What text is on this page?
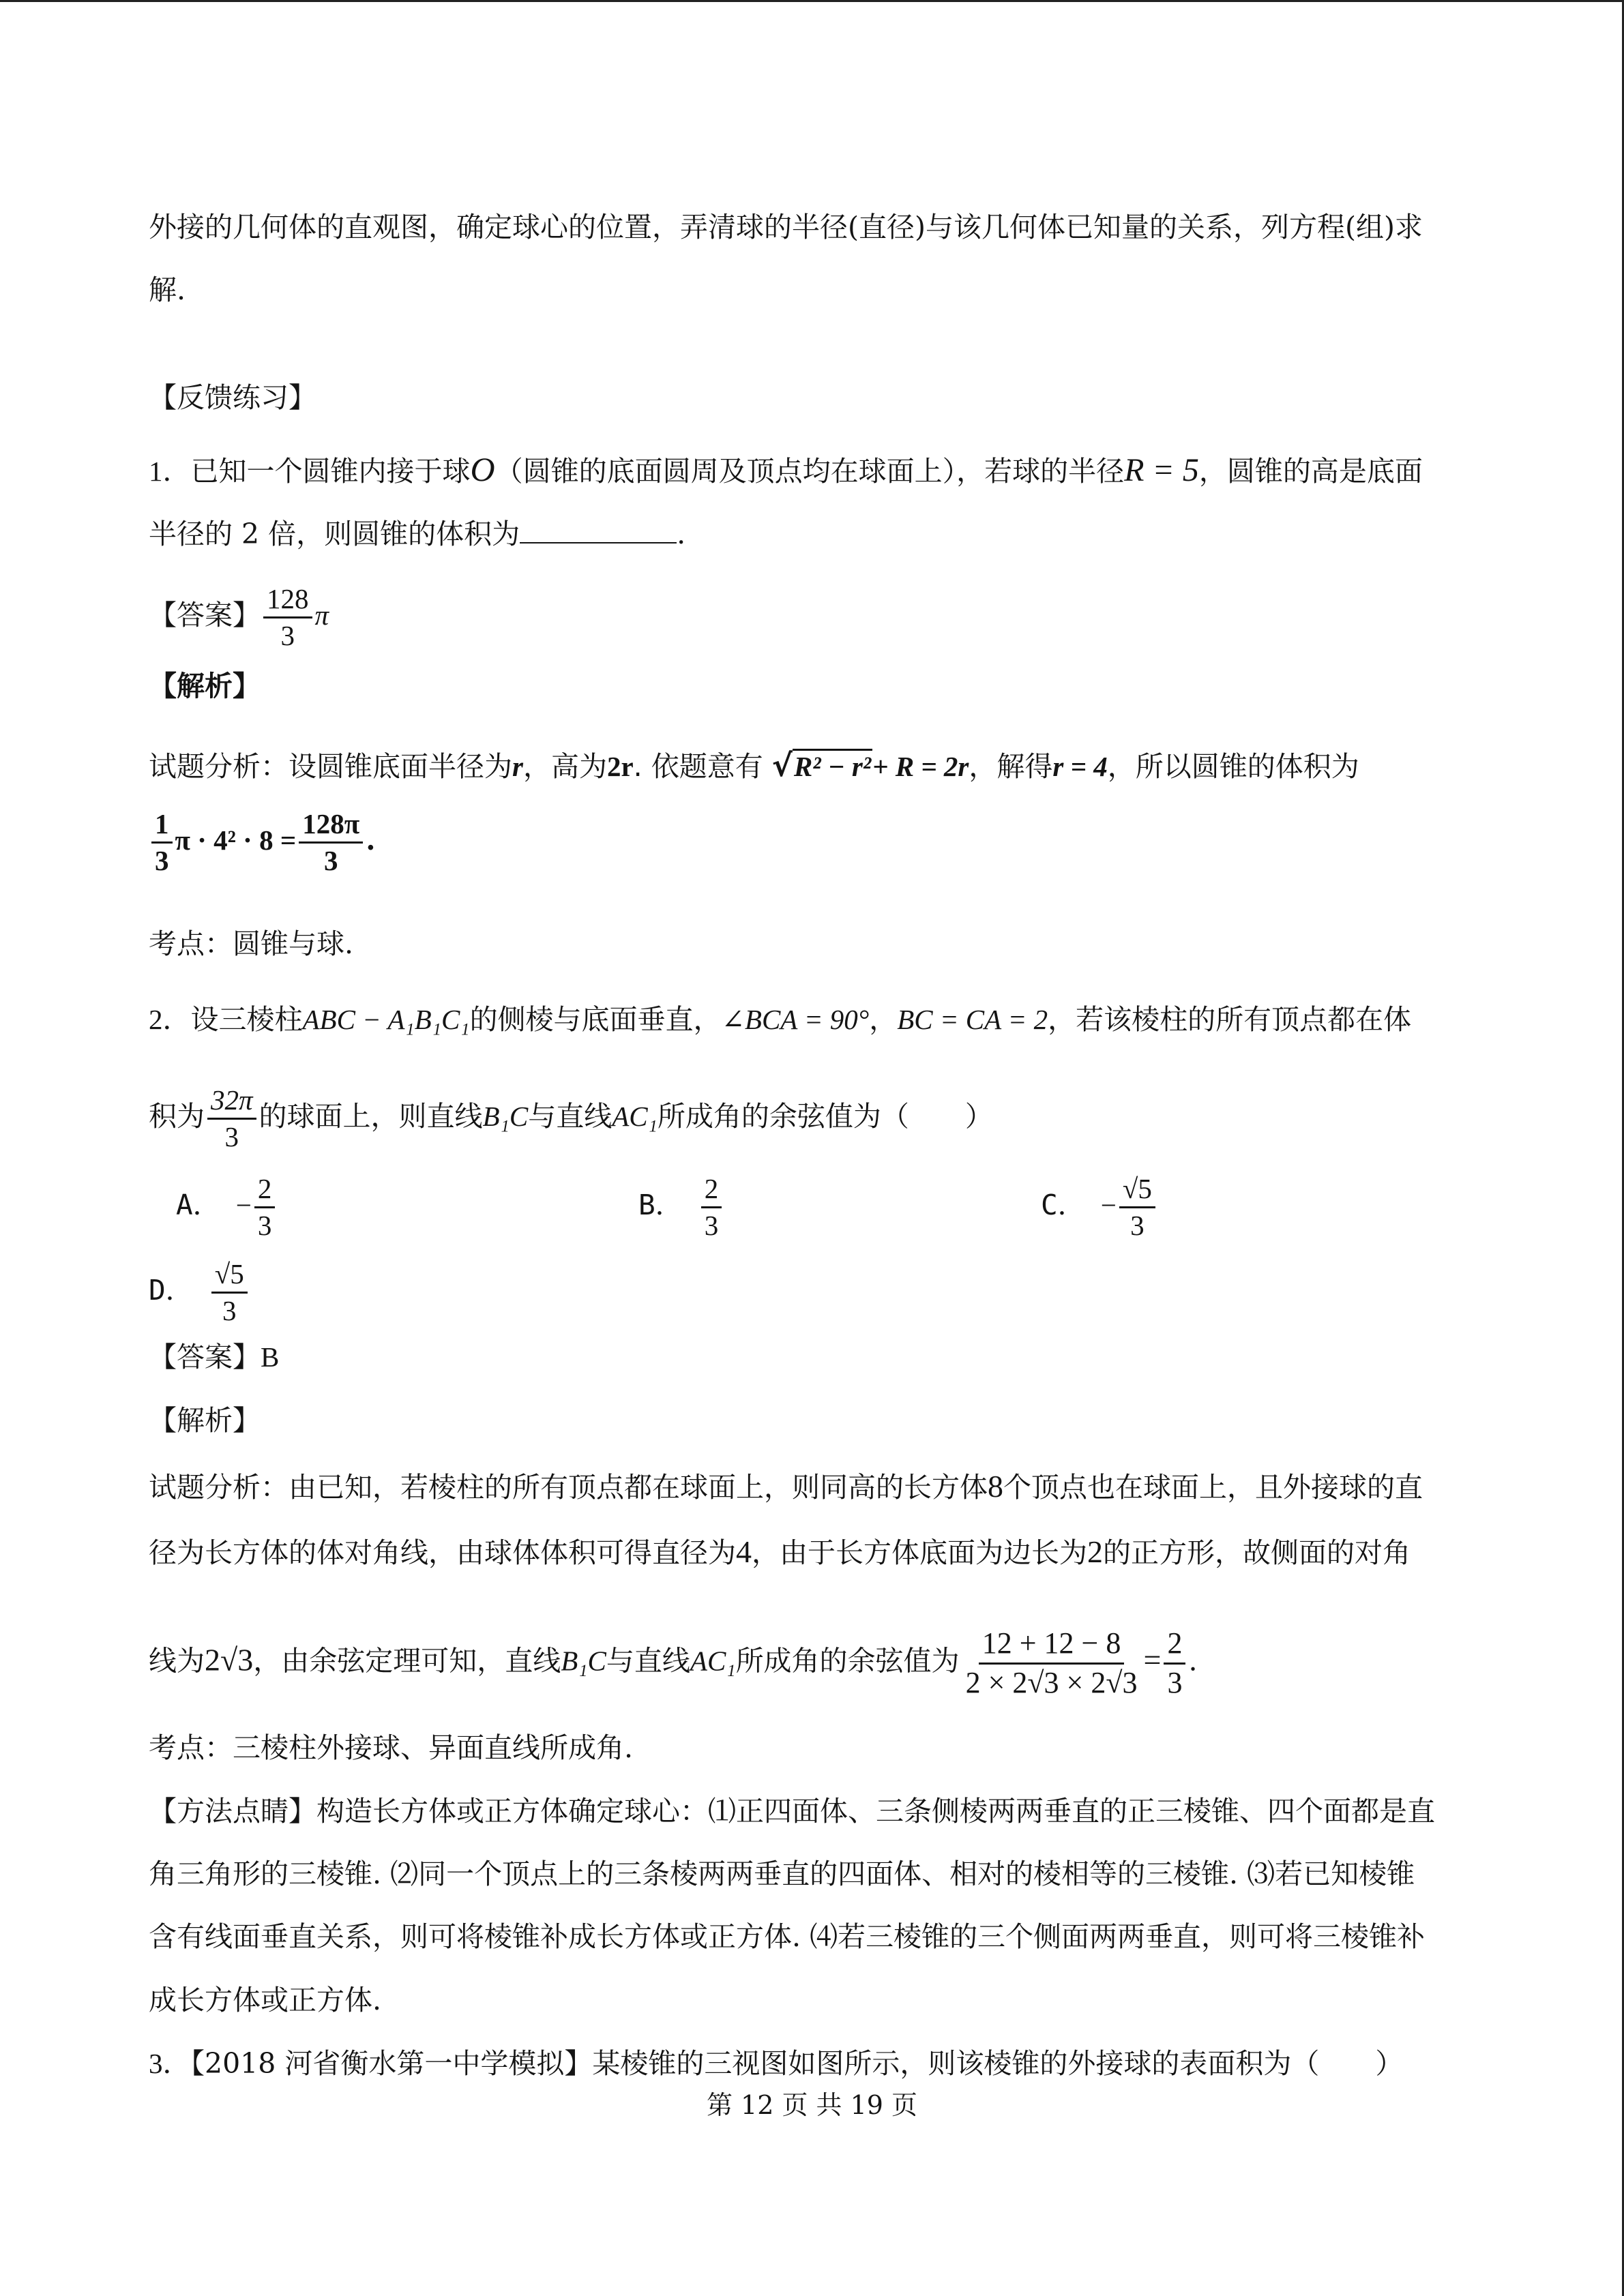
外接的几何体的直观图，确定球心的位置，弄清球的半径(直径)与该几何体已知量的关系，列方程(组)求
解.
【反馈练习】
1．已知一个圆锥内接于球O（圆锥的底面圆周及顶点均在球面上），若球的半径R = 5，圆锥的高是底面
半径的 2 倍，则圆锥的体积为	.
【答案】 $\frac{128}{3}$ π
【解析】
试题分析：设圆锥底面半径为r，高为2r. 依题意有 √R² − r²+ R = 2r，解得r = 4，所以圆锥的体积为
$\frac{1}{3}$ $\pi \cdot 4^2 \cdot 8 = \frac{128\pi}{3}$ .
考点：圆锥与球.
2．设三棱柱ABC − A₁B₁C₁的侧棱与底面垂直，∠BCA = 90°，BC = CA = 2，若该棱柱的所有顶点都在体
积为 $\frac{32\pi}{3}$ 的球面上，则直线B₁C与直线AC₁所成角的余弦值为（　　）
A． − $\frac{2}{3}$	B． $\frac{2}{3}$	C． − $\frac{√5}{3}$
D． $\frac{√5}{3}$
【答案】B
【解析】
试题分析：由已知，若棱柱的所有顶点都在球面上，则同高的长方体8个顶点也在球面上，且外接球的直
径为长方体的体对角线，由球体体积可得直径为4，由于长方体底面为边长为2的正方形，故侧面的对角
线为2√3，由余弦定理可知，直线B₁C与直线AC₁所成角的余弦值为 $\frac{12 + 12 - 8}{2 \times 2√3 \times 2√3} = \frac{2}{3}$ .
考点：三棱柱外接球、异面直线所成角.
【方法点睛】构造长方体或正方体确定球心：⑴正四面体、三条侧棱两两垂直的正三棱锥、四个面都是直
角三角形的三棱锥. ⑵同一个顶点上的三条棱两两垂直的四面体、相对的棱相等的三棱锥. ⑶若已知棱锥
含有线面垂直关系，则可将棱锥补成长方体或正方体. ⑷若三棱锥的三个侧面两两垂直，则可将三棱锥补
成长方体或正方体.
3．【2018 河省衡水第一中学模拟】某棱锥的三视图如图所示，则该棱锥的外接球的表面积为（　　）
第 12 页 共 19 页
